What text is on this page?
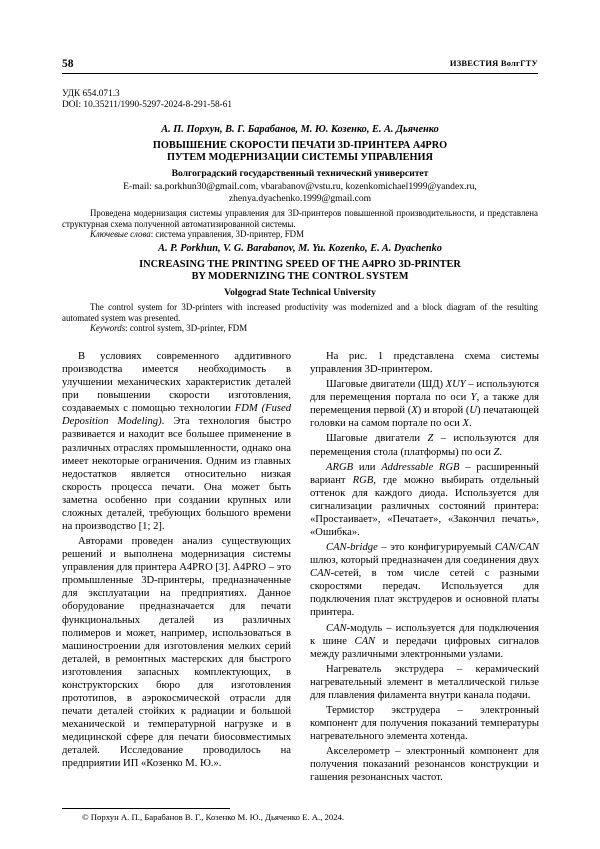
58	ИЗВЕСТИЯ ВолгГТУ
УДК 654.071.3
DOI: 10.35211/1990-5297-2024-8-291-58-61
А. П. Порхун, В. Г. Барабанов, М. Ю. Козенко, Е. А. Дьяченко
ПОВЫШЕНИЕ СКОРОСТИ ПЕЧАТИ 3D-ПРИНТЕРА A4PRO
ПУТЕМ МОДЕРНИЗАЦИИ СИСТЕМЫ УПРАВЛЕНИЯ
Волгоградский государственный технический университет
E-mail: sa.porkhun30@gmail.com, vbarabanov@vstu.ru, kozenkomichael1999@yandex.ru,
zhenya.dyachenko.1999@gmail.com
Проведена модернизация системы управления для 3D-принтеров повышенной производительности, и представлена структурная схема полученной автоматизированной системы.
Ключевые слова: система управления, 3D-принтер, FDM
A. P. Porkhun, V. G. Barabanov, M. Yu. Kozenko, E. A. Dyachenko
INCREASING THE PRINTING SPEED OF THE A4PRO 3D-PRINTER
BY MODERNIZING THE CONTROL SYSTEM
Volgograd State Technical University
The control system for 3D-printers with increased productivity was modernized and a block diagram of the resulting automated system was presented.
Keywords: control system, 3D-printer, FDM

В условиях современного аддитивного производства имеется необходимость в улучшении механических характеристик деталей при повышении скорости изготовления, создаваемых с помощью технологии FDM (Fused Deposition Modeling). Эта технология быстро развивается и находит все большее применение в различных отраслях промышленности, однако она имеет некоторые ограничения. Одним из главных недостатков является относительно низкая скорость процесса печати. Она может быть заметна особенно при создании крупных или сложных деталей, требующих большого времени на производство [1; 2].

Авторами проведен анализ существующих решений и выполнена модернизация системы управления для принтера A4PRO [3]. A4PRO – это промышленные 3D-принтеры, предназначенные для эксплуатации на предприятиях. Данное оборудование предназначается для печати функциональных деталей из различных полимеров и может, например, использоваться в машиностроении для изготовления мелких серий деталей, в ремонтных мастерских для быстрого изготовления запасных комплектующих, в конструкторских бюро для изготовления прототипов, в аэрокосмической отрасли для печати деталей стойких к радиации и большой механической и температурной нагрузке и в медицинской сфере для печати биосовместимых деталей. Исследование проводилось на предприятии ИП «Козенко М. Ю.».

На рис. 1 представлена схема системы управления 3D-принтером.

Шаговые двигатели (ШД) XUY – используются для перемещения портала по оси Y, а также для перемещения первой (X) и второй (U) печатающей головки на самом портале по оси X.

Шаговые двигатели Z – используются для перемещения стола (платформы) по оси Z.

ARGB или Addressable RGB – расширенный вариант RGB, где можно выбирать отдельный оттенок для каждого диода. Используется для сигнализации различных состояний принтера: «Простаивает», «Печатает», «Закончил печать», «Ошибка».

CAN-bridge – это конфигурируемый CAN/CAN шлюз, который предназначен для соединения двух CAN-сетей, в том числе сетей с разными скоростями передач. Используется для подключения плат экструдеров и основной платы принтера.

CAN-модуль – используется для подключения к шине CAN и передачи цифровых сигналов между различными электронными узлами.

Нагреватель экструдера – керамический нагревательный элемент в металлической гильзе для плавления филамента внутри канала подачи.

Термистор экструдера – электронный компонент для получения показаний температуры нагревательного элемента хотенда.

Акселерометр – электронный компонент для получения показаний резонансов конструкции и гашения резонансных частот.

© Порхун А. П., Барабанов В. Г., Козенко М. Ю., Дьяченко Е. А., 2024.
